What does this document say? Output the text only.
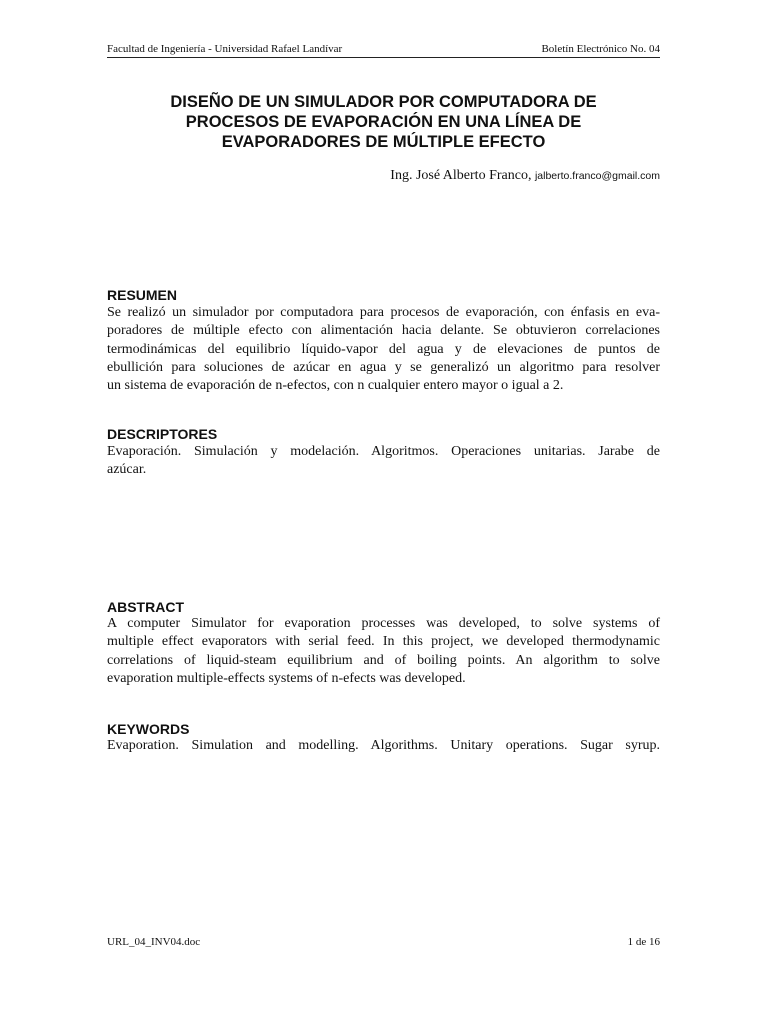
Facultad de Ingeniería - Universidad Rafael Landívar	Boletín Electrónico No. 04
DISEÑO DE UN SIMULADOR POR COMPUTADORA DE
PROCESOS DE EVAPORACIÓN EN UNA LÍNEA DE
EVAPORADORES DE MÚLTIPLE EFECTO
Ing. José Alberto Franco, jalberto.franco@gmail.com
RESUMEN
Se realizó un simulador por computadora para procesos de evaporación, con énfasis en eva-
poradores de múltiple efecto con alimentación hacia delante. Se obtuvieron correlaciones
termodinámicas del equilibrio líquido-vapor del agua y de elevaciones de puntos de
ebullición para soluciones de azúcar en agua y se generalizó un algoritmo para resolver
un sistema de evaporación de n-efectos, con n cualquier entero mayor o igual a 2.
DESCRIPTORES
Evaporación. Simulación y modelación. Algoritmos. Operaciones unitarias. Jarabe de
azúcar.
ABSTRACT
A computer Simulator for evaporation processes was developed, to solve systems of
multiple effect evaporators with serial feed. In this project, we developed thermodynamic
correlations of liquid-steam equilibrium and of boiling points. An algorithm to solve
evaporation multiple-effects systems of n-efects was developed.
KEYWORDS
Evaporation. Simulation and modelling. Algorithms. Unitary operations. Sugar syrup.
URL_04_INV04.doc	1 de 16
